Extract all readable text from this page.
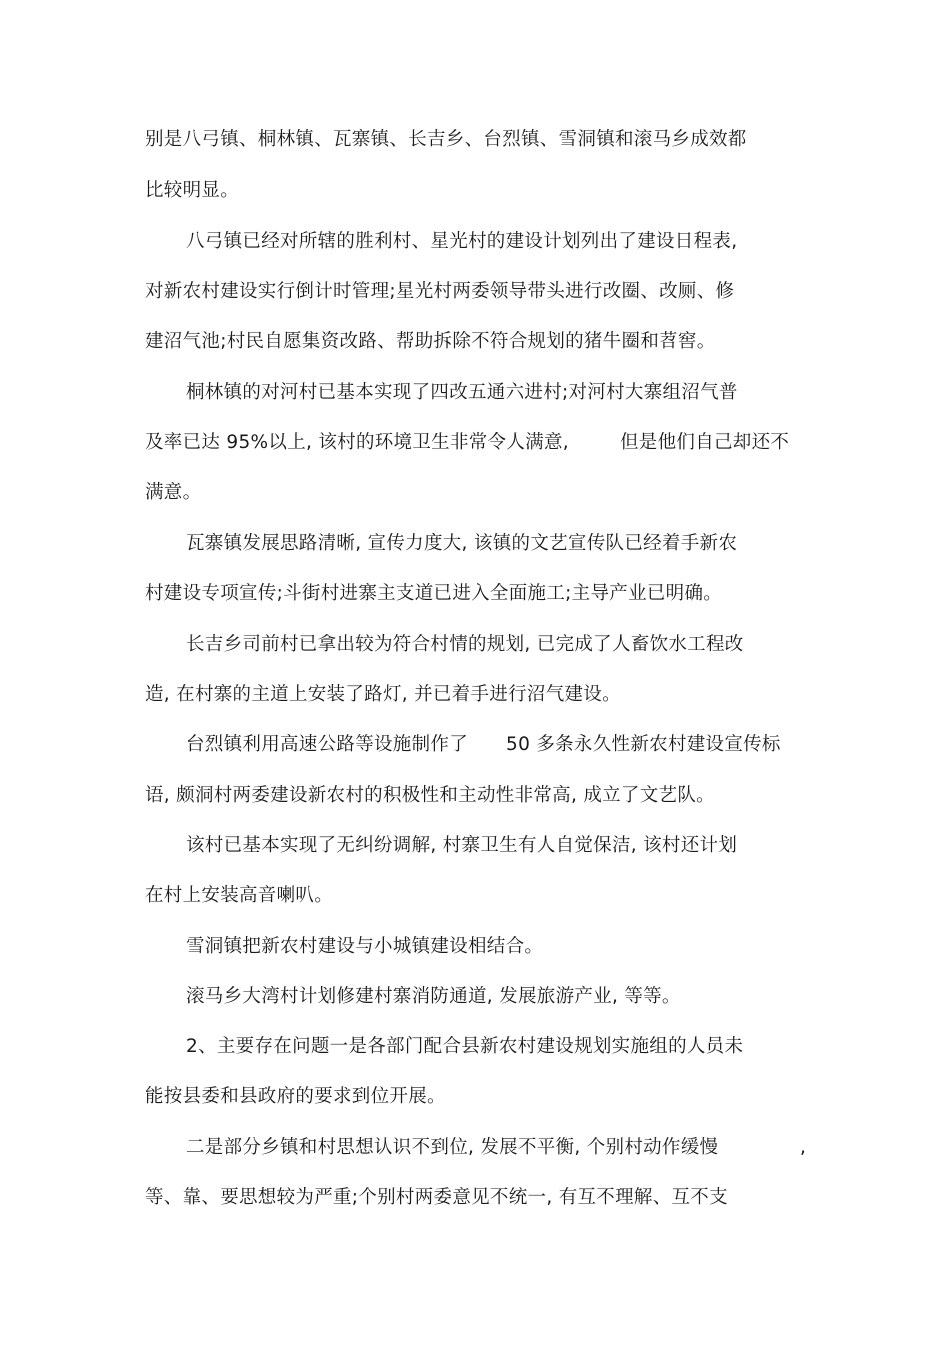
别是八弓镇、桐林镇、瓦寨镇、长吉乡、台烈镇、雪洞镇和滚马乡成效都
比较明显。
八弓镇已经对所辖的胜利村、星光村的建设计划列出了建设日程表,
对新农村建设实行倒计时管理;星光村两委领导带头进行改圈、改厕、修
建沼气池;村民自愿集资改路、帮助拆除不符合规划的猪牛圈和苕窖。
桐林镇的对河村已基本实现了四改五通六进村;对河村大寨组沼气普
及率已达 95%以上, 该村的环境卫生非常令人满意,	但是他们自己却还不
满意。
瓦寨镇发展思路清晰, 宣传力度大, 该镇的文艺宣传队已经着手新农
村建设专项宣传;斗街村进寨主支道已进入全面施工;主导产业已明确。
长吉乡司前村已拿出较为符合村情的规划, 已完成了人畜饮水工程改
造, 在村寨的主道上安装了路灯, 并已着手进行沼气建设。
台烈镇利用高速公路等设施制作了 50 多条永久性新农村建设宣传标
语, 颇洞村两委建设新农村的积极性和主动性非常高, 成立了文艺队。
该村已基本实现了无纠纷调解, 村寨卫生有人自觉保洁, 该村还计划
在村上安装高音喇叭。
雪洞镇把新农村建设与小城镇建设相结合。
滚马乡大湾村计划修建村寨消防通道, 发展旅游产业, 等等。
2、主要存在问题一是各部门配合县新农村建设规划实施组的人员未
能按县委和县政府的要求到位开展。
二是部分乡镇和村思想认识不到位, 发展不平衡, 个别村动作缓慢	,
等、靠、要思想较为严重;个别村两委意见不统一, 有互不理解、互不支
